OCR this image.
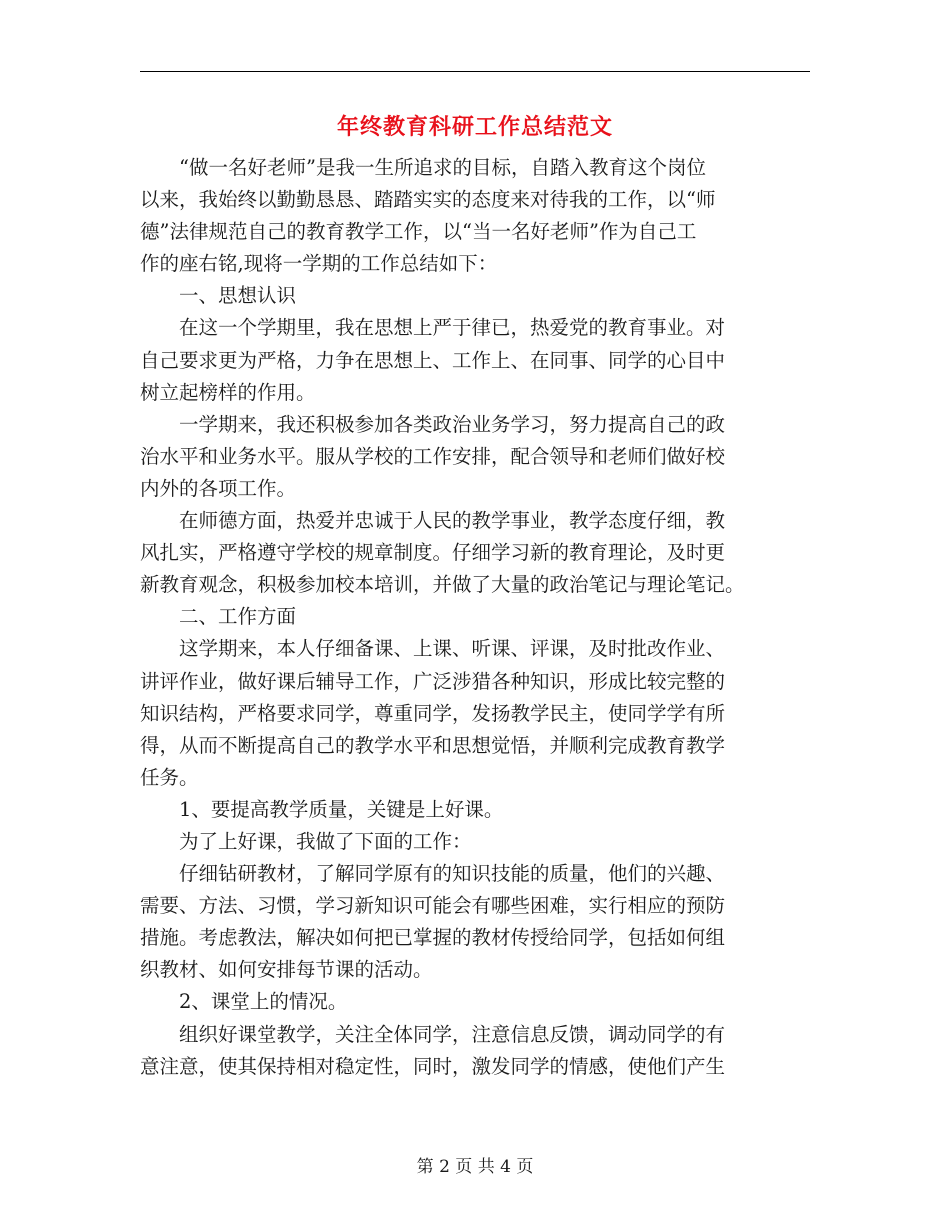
年终教育科研工作总结范文
　　“做一名好老师”是我一生所追求的目标，自踏入教育这个岗位
以来，我始终以勤勤恳恳、踏踏实实的态度来对待我的工作，以“师
德”法律规范自己的教育教学工作，以“当一名好老师”作为自己工
作的座右铭,现将一学期的工作总结如下：
　　一、思想认识
　　在这一个学期里，我在思想上严于律已，热爱党的教育事业。对
自己要求更为严格，力争在思想上、工作上、在同事、同学的心目中
树立起榜样的作用。
　　一学期来，我还积极参加各类政治业务学习，努力提高自己的政
治水平和业务水平。服从学校的工作安排，配合领导和老师们做好校
内外的各项工作。
　　在师德方面，热爱并忠诚于人民的教学事业，教学态度仔细，教
风扎实，严格遵守学校的规章制度。仔细学习新的教育理论，及时更
新教育观念，积极参加校本培训，并做了大量的政治笔记与理论笔记。
　　二、工作方面
　　这学期来，本人仔细备课、上课、听课、评课，及时批改作业、
讲评作业，做好课后辅导工作，广泛涉猎各种知识，形成比较完整的
知识结构，严格要求同学，尊重同学，发扬教学民主，使同学学有所
得，从而不断提高自己的教学水平和思想觉悟，并顺利完成教育教学
任务。
　　1、要提高教学质量，关键是上好课。
　　为了上好课，我做了下面的工作：
　　仔细钻研教材，了解同学原有的知识技能的质量，他们的兴趣、
需要、方法、习惯，学习新知识可能会有哪些困难，实行相应的预防
措施。考虑教法，解决如何把已掌握的教材传授给同学，包括如何组
织教材、如何安排每节课的活动。
　　2、课堂上的情况。
　　组织好课堂教学，关注全体同学，注意信息反馈，调动同学的有
意注意，使其保持相对稳定性，同时，激发同学的情感，使他们产生
第 2 页 共 4 页
